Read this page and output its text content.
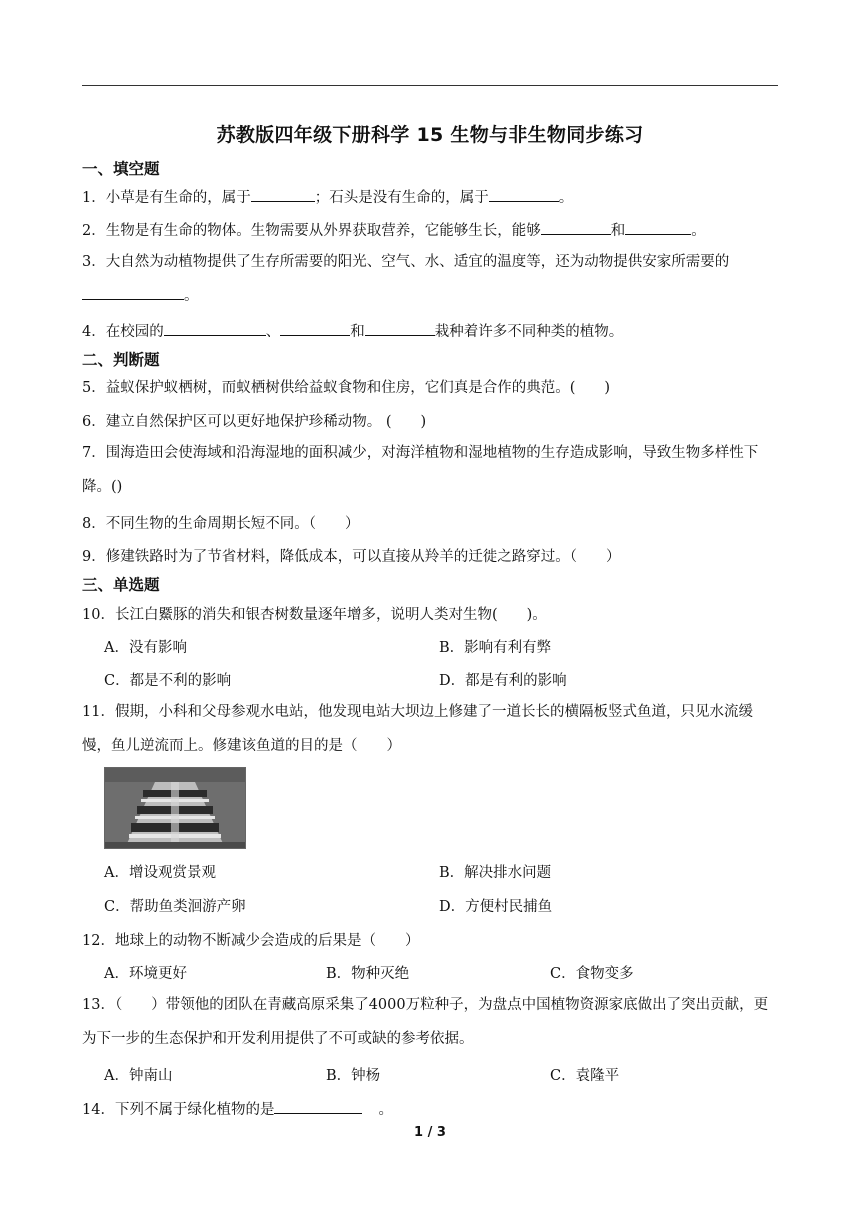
苏教版四年级下册科学 15 生物与非生物同步练习
一、填空题
1．小草是有生命的，属于	；石头是没有生命的，属于	。
2．生物是有生命的物体。生物需要从外界获取营养，它能够生长，能够	和	。
3．大自然为动植物提供了生存所需要的阳光、空气、水、适宜的温度等，还为动物提供安家所需要的。
4．在校园的	、	和	栽种着许多不同种类的植物。
二、判断题
5．益蚁保护蚁栖树，而蚁栖树供给益蚁食物和住房，它们真是合作的典范。(　　)
6．建立自然保护区可以更好地保护珍稀动物。 (　　)
7．围海造田会使海域和沿海湿地的面积减少，对海洋植物和湿地植物的生存造成影响，导致生物多样性下降。()
8．不同生物的生命周期长短不同。（　　）
9．修建铁路时为了节省材料，降低成本，可以直接从羚羊的迁徙之路穿过。（　　）
三、单选题
10．长江白鱀豚的消失和银杏树数量逐年增多，说明人类对生物(　　)。
A．没有影响	B．影响有利有弊
C．都是不利的影响	D．都是有利的影响
11．假期，小科和父母参观水电站，他发现电站大坝边上修建了一道长长的横隔板竖式鱼道，只见水流缓慢，鱼儿逆流而上。修建该鱼道的目的是（　　）
A．增设观赏景观	B．解决排水问题
C．帮助鱼类洄游产卵	D．方便村民捕鱼
12．地球上的动物不断减少会造成的后果是（　　）
A．环境更好	B．物种灭绝	C．食物变多
13．（　　）带领他的团队在青藏高原采集了4000万粒种子，为盘点中国植物资源家底做出了突出贡献，更为下一步的生态保护和开发利用提供了不可或缺的参考依据。
A．钟南山	B．钟杨	C．袁隆平
14．下列不属于绿化植物的是	。
1 / 3
